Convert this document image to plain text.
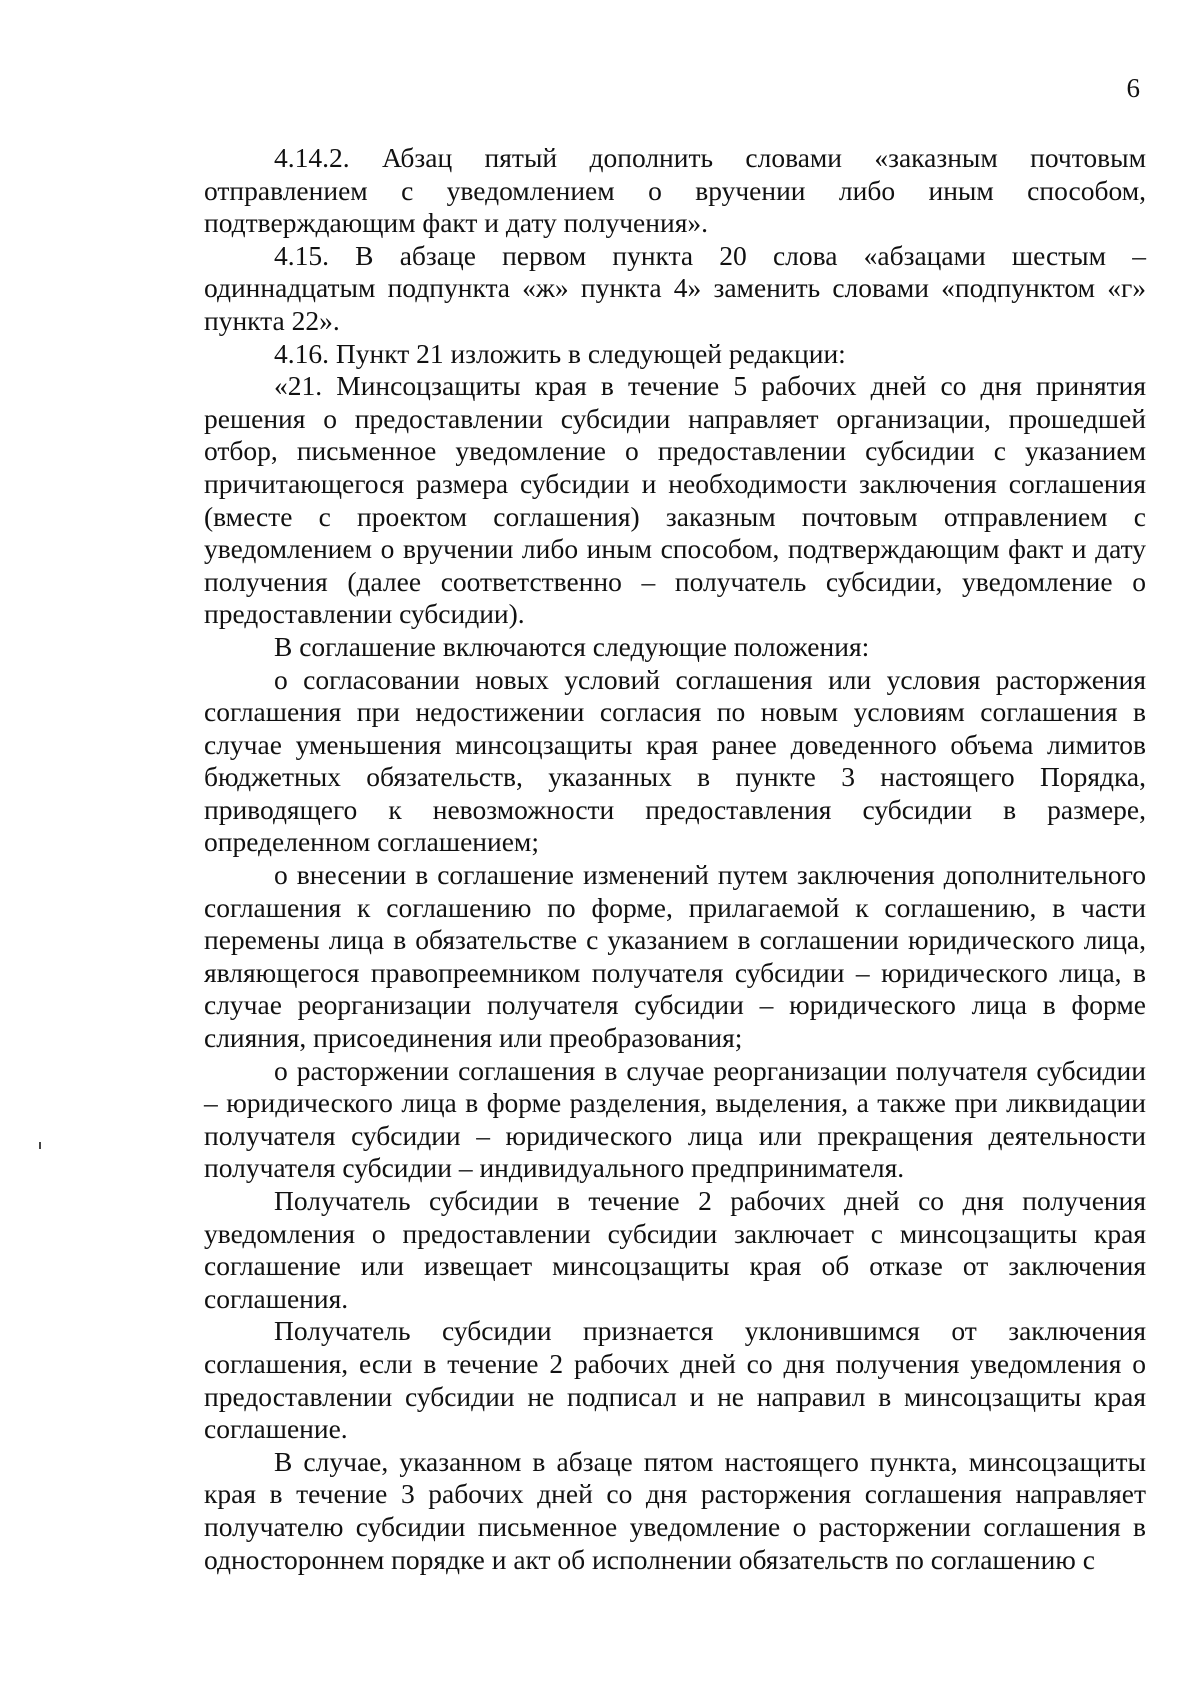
6

4.14.2. Абзац пятый дополнить словами «заказным почтовым отправлением с уведомлением о вручении либо иным способом, подтверждающим факт и дату получения».

4.15. В абзаце первом пункта 20 слова «абзацами шестым – одиннадцатым подпункта «ж» пункта 4» заменить словами «подпунктом «г» пункта 22».

4.16. Пункт 21 изложить в следующей редакции:

«21. Минсоцзащиты края в течение 5 рабочих дней со дня принятия решения о предоставлении субсидии направляет организации, прошедшей отбор, письменное уведомление о предоставлении субсидии с указанием причитающегося размера субсидии и необходимости заключения соглашения (вместе с проектом соглашения) заказным почтовым отправлением с уведомлением о вручении либо иным способом, подтверждающим факт и дату получения (далее соответственно – получатель субсидии, уведомление о предоставлении субсидии).

В соглашение включаются следующие положения:

о согласовании новых условий соглашения или условия расторжения соглашения при недостижении согласия по новым условиям соглашения в случае уменьшения минсоцзащиты края ранее доведенного объема лимитов бюджетных обязательств, указанных в пункте 3 настоящего Порядка, приводящего к невозможности предоставления субсидии в размере, определенном соглашением;

о внесении в соглашение изменений путем заключения дополнительного соглашения к соглашению по форме, прилагаемой к соглашению, в части перемены лица в обязательстве с указанием в соглашении юридического лица, являющегося правопреемником получателя субсидии – юридического лица, в случае реорганизации получателя субсидии – юридического лица в форме слияния, присоединения или преобразования;

о расторжении соглашения в случае реорганизации получателя субсидии – юридического лица в форме разделения, выделения, а также при ликвидации получателя субсидии – юридического лица или прекращения деятельности получателя субсидии – индивидуального предпринимателя.

Получатель субсидии в течение 2 рабочих дней со дня получения уведомления о предоставлении субсидии заключает с минсоцзащиты края соглашение или извещает минсоцзащиты края об отказе от заключения соглашения.

Получатель субсидии признается уклонившимся от заключения соглашения, если в течение 2 рабочих дней со дня получения уведомления о предоставлении субсидии не подписал и не направил в минсоцзащиты края соглашение.

В случае, указанном в абзаце пятом настоящего пункта, минсоцзащиты края в течение 3 рабочих дней со дня расторжения соглашения направляет получателю субсидии письменное уведомление о расторжении соглашения в одностороннем порядке и акт об исполнении обязательств по соглашению с
